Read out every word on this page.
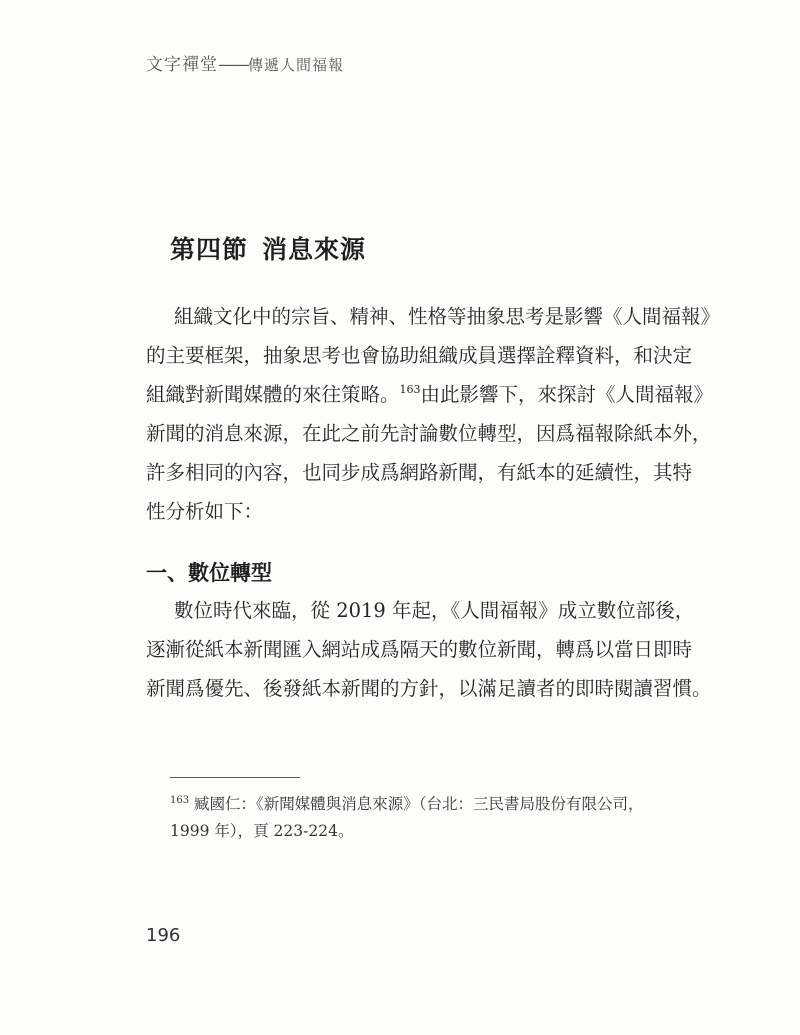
文字禪堂——傳遞人間福報
第四節 消息來源
組織文化中的宗旨、精神、性格等抽象思考是影響《人間福報》
的主要框架，抽象思考也會協助組織成員選擇詮釋資料，和決定
組織對新聞媒體的來往策略。$^{163}$由此影響下，來探討《人間福報》
新聞的消息來源，在此之前先討論數位轉型，因爲福報除紙本外，
許多相同的內容，也同步成爲網路新聞，有紙本的延續性，其特
性分析如下：
一、數位轉型
數位時代來臨，從 2019 年起，《人間福報》成立數位部後，
逐漸從紙本新聞匯入網站成爲隔天的數位新聞，轉爲以當日即時
新聞爲優先、後發紙本新聞的方針，以滿足讀者的即時閱讀習慣。
$^{163}$ 臧國仁：《新聞媒體與消息來源》（台北：三民書局股份有限公司，
1999 年），頁 223-224。
196
